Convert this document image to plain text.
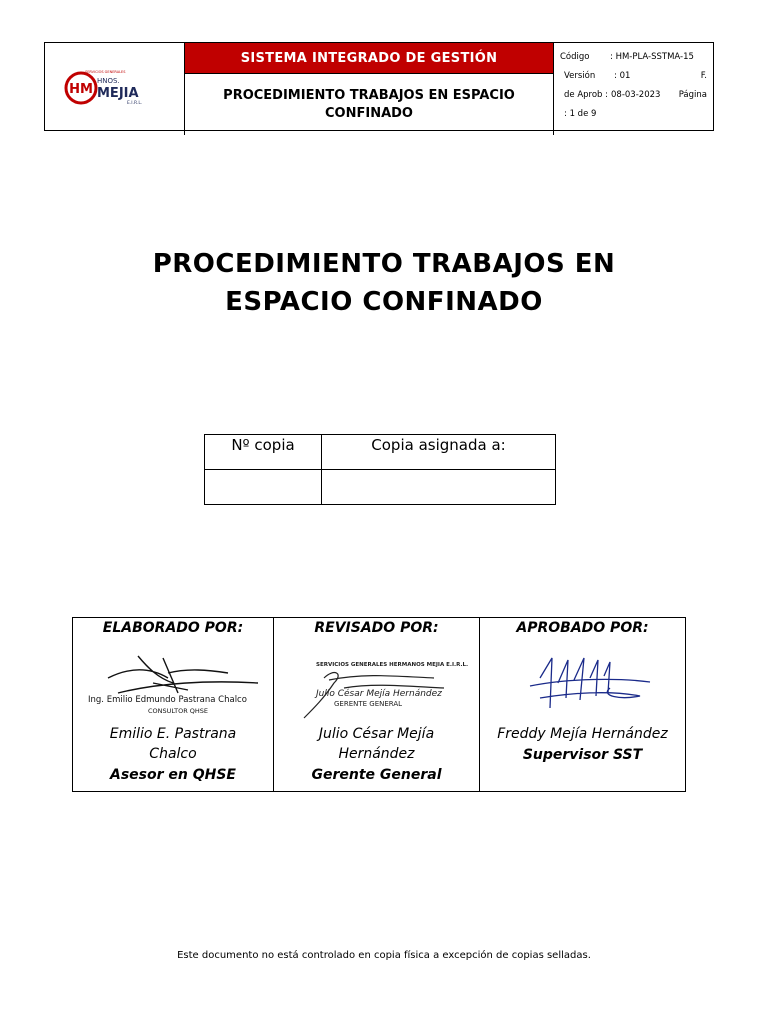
HM
SERVICIOS GENERALES
HNOS.
MEJIA
E.I.R.L.
SISTEMA INTEGRADO DE GESTIÓN
PROCEDIMIENTO TRABAJOS EN ESPACIO CONFINADO
Código	: HM-PLA-SSTMA-15
Versión	: 01	F.
de Aprob : 08-03-2023 Página
: 1 de 9
PROCEDIMIENTO TRABAJOS EN
ESPACIO CONFINADO
Nº copia	Copia asignada a:

ELABORADO POR:
Ing. Emilio Edmundo Pastrana Chalco
CONSULTOR QHSE
Emilio E. Pastrana
Chalco
Asesor en QHSE

REVISADO POR:
SERVICIOS GENERALES HERMANOS MEJIA E.I.R.L.
Julio César Mejía Hernández
GERENTE GENERAL
Julio César Mejía
Hernández
Gerente General

APROBADO POR:
Freddy Mejía Hernández
Supervisor SST
Este documento no está controlado en copia física a excepción de copias selladas.
